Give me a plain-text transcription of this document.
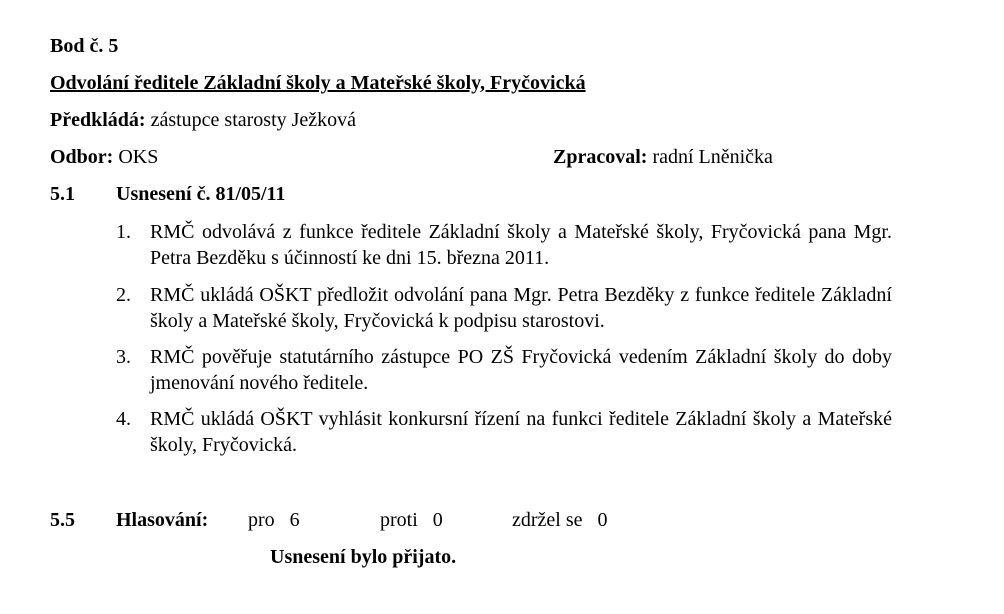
Bod č. 5
Odvolání ředitele Základní školy a Mateřské školy, Fryčovická
Předkládá: zástupce starosty Ježková
Odbor: OKS	Zpracoval: radní Lněnička
5.1 Usnesení č. 81/05/11
1. RMČ odvolává z funkce ředitele Základní školy a Mateřské školy, Fryčovická pana Mgr. Petra Bezděku s účinností ke dni 15. března 2011.
2. RMČ ukládá OŠKT předložit odvolání pana Mgr. Petra Bezděky z funkce ředitele Základní školy a Mateřské školy, Fryčovická k podpisu starostovi.
3. RMČ pověřuje statutárního zástupce PO ZŠ Fryčovická vedením Základní školy do doby jmenování nového ředitele.
4. RMČ ukládá OŠKT vyhlásit konkursní řízení na funkci ředitele Základní školy a Mateřské školy, Fryčovická.
5.5 Hlasování: pro 6	proti 0	zdržel se 0
Usnesení bylo přijato.
